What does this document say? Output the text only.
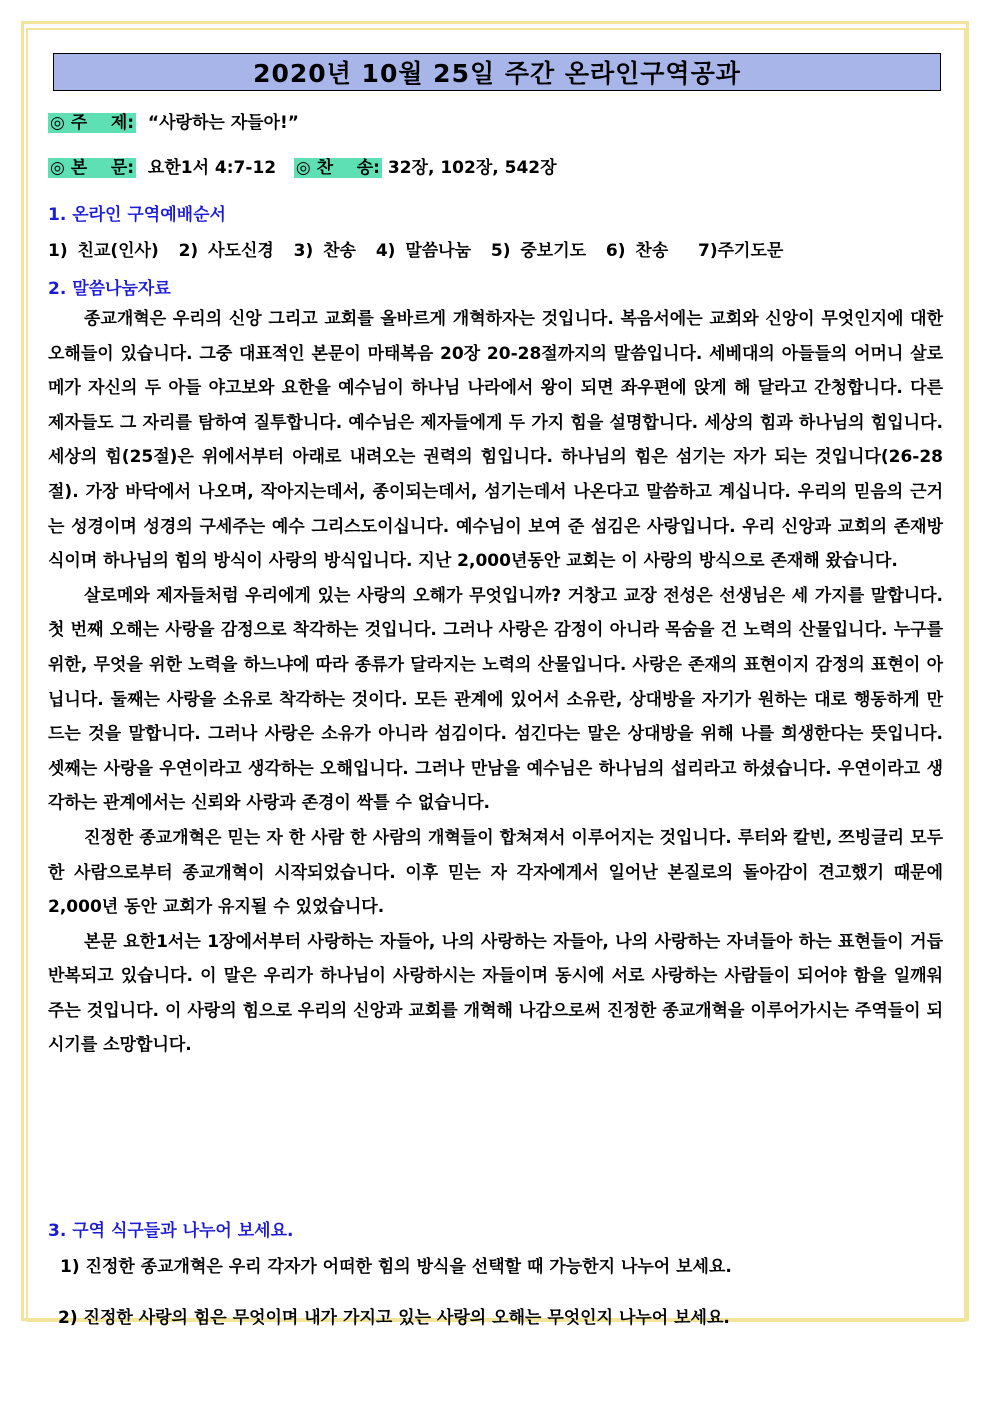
2020년 10월 25일 주간 온라인구역공과
◎ 주    제: “사랑하는 자들아!”
◎ 본    문: 요한1서 4:7-12 ◎ 찬    송: 32장, 102장, 542장
1. 온라인 구역예배순서
1) 친교(인사)  2) 사도신경  3) 찬송  4) 말씀나눔  5) 중보기도  6) 찬송   7)주기도문
2. 말씀나눔자료

종교개혁은 우리의 신앙 그리고 교회를 올바르게 개혁하자는 것입니다. 복음서에는 교회와 신앙이 무엇인지에 대한 오해들이 있습니다. 그중 대표적인 본문이 마태복음 20장 20-28절까지의 말씀입니다. 세베대의 아들들의 어머니 살로메가 자신의 두 아들 야고보와 요한을 예수님이 하나님 나라에서 왕이 되면 좌우편에 앉게 해 달라고 간청합니다. 다른 제자들도 그 자리를 탐하여 질투합니다. 예수님은 제자들에게 두 가지 힘을 설명합니다. 세상의 힘과 하나님의 힘입니다. 세상의 힘(25절)은 위에서부터 아래로 내려오는 권력의 힘입니다. 하나님의 힘은 섬기는 자가 되는 것입니다(26-28절). 가장 바닥에서 나오며, 작아지는데서, 종이되는데서, 섬기는데서 나온다고 말씀하고 계십니다. 우리의 믿음의 근거는 성경이며 성경의 구세주는 예수 그리스도이십니다. 예수님이 보여 준 섬김은 사랑입니다. 우리 신앙과 교회의 존재방식이며 하나님의 힘의 방식이 사랑의 방식입니다. 지난 2,000년동안 교회는 이 사랑의 방식으로 존재해 왔습니다.

살로메와 제자들처럼 우리에게 있는 사랑의 오해가 무엇입니까? 거창고 교장 전성은 선생님은 세 가지를 말합니다. 첫 번째 오해는 사랑을 감정으로 착각하는 것입니다. 그러나 사랑은 감정이 아니라 목숨을 건 노력의 산물입니다. 누구를 위한, 무엇을 위한 노력을 하느냐에 따라 종류가 달라지는 노력의 산물입니다. 사랑은 존재의 표현이지 감정의 표현이 아닙니다. 둘째는 사랑을 소유로 착각하는 것이다. 모든 관계에 있어서 소유란, 상대방을 자기가 원하는 대로 행동하게 만드는 것을 말합니다. 그러나 사랑은 소유가 아니라 섬김이다. 섬긴다는 말은 상대방을 위해 나를 희생한다는 뜻입니다. 셋째는 사랑을 우연이라고 생각하는 오해입니다. 그러나 만남을 예수님은 하나님의 섭리라고 하셨습니다. 우연이라고 생각하는 관계에서는 신뢰와 사랑과 존경이 싹틀 수 없습니다.

진정한 종교개혁은 믿는 자 한 사람 한 사람의 개혁들이 합쳐져서 이루어지는 것입니다. 루터와 칼빈, 쯔빙글리 모두 한 사람으로부터 종교개혁이 시작되었습니다. 이후 믿는 자 각자에게서 일어난 본질로의 돌아감이 견고했기 때문에 2,000년 동안 교회가 유지될 수 있었습니다.

본문 요한1서는 1장에서부터 사랑하는 자들아, 나의 사랑하는 자들아, 나의 사랑하는 자녀들아 하는 표현들이 거듭 반복되고 있습니다. 이 말은 우리가 하나님이 사랑하시는 자들이며 동시에 서로 사랑하는 사람들이 되어야 함을 일깨워 주는 것입니다. 이 사랑의 힘으로 우리의 신앙과 교회를 개혁해 나감으로써 진정한 종교개혁을 이루어가시는 주역들이 되시기를 소망합니다.

3. 구역 식구들과 나누어 보세요.
1) 진정한 종교개혁은 우리 각자가 어떠한 힘의 방식을 선택할 때 가능한지 나누어 보세요.
2) 진정한 사랑의 힘은 무엇이며 내가 가지고 있는 사랑의 오해는 무엇인지 나누어 보세요.
